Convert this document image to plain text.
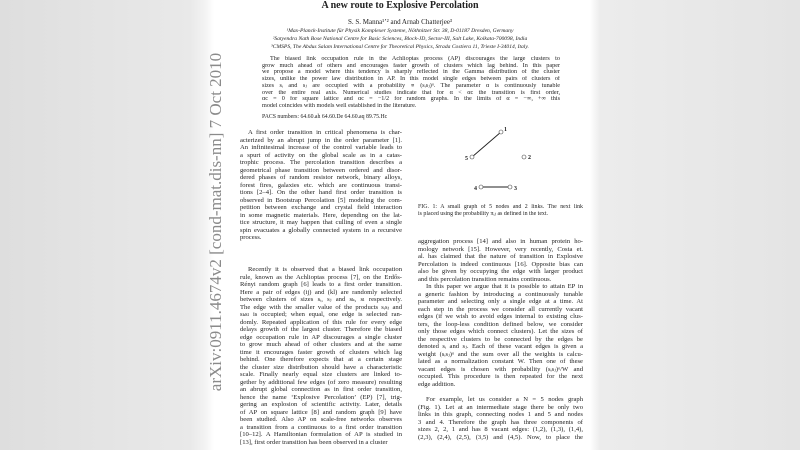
arXiv:0911.4674v2 [cond-mat.dis-nn] 7 Oct 2010
A new route to Explosive Percolation
S. S. Manna¹ʼ² and Arnab Chatterjee³
¹Max-Planck-Institute für Physik Komplexer Systeme, Nöthnitzer Str. 38, D-01187 Dresden, Germany
²Satyendra Nath Bose National Centre for Basic Sciences, Block-JD, Sector-III, Salt Lake, Kolkata-700098, India
³CMSPS, The Abdus Salam International Centre for Theoretical Physics, Strada Costiera 11, Trieste I-34014, Italy.
The biased link occupation rule in the Achlioptas process (AP) discourages the large clusters to
grow much ahead of others and encourages faster growth of clusters which lag behind. In this paper
we propose a model where this tendency is sharply reflected in the Gamma distribution of the cluster
sizes, unlike the power law distribution in AP. In this model single edges between pairs of clusters of
sizes sᵢ and sⱼ are occupied with a probability ∝ (sᵢsⱼ)ᵅ. The parameter α is continuously tunable
over the entire real axis. Numerical studies indicate that for α < αc the transition is first order,
αc = 0 for square lattice and αc = −1/2 for random graphs. In the limits of α = −∞, +∞ this
model coincides with models well established in the literature.
PACS numbers: 64.60.ah 64.60.De 64.60.aq 89.75.Hc
A first order transition in critical phenomena is char-
acterized by an abrupt jump in the order parameter [1].
An infinitesimal increase of the control variable leads to
a spurt of activity on the global scale as in a catas-
trophic process. The percolation transition describes a
geometrical phase transition between ordered and disor-
dered phases of random resistor network, binary alloys,
forest fires, galaxies etc. which are continuous transi-
tions [2–4]. On the other hand first order transition is
observed in Bootstrap Percolation [5] modeling the com-
petition between exchange and crystal field interaction
in some magnetic materials. Here, depending on the lat-
tice structure, it may happen that culling of even a single
spin evacuates a globally connected system in a recursive
process.
Recently it is observed that a biased link occupation
rule, known as the Achlioptas process [7], on the Erdős-
Rényi random graph [6] leads to a first order transition.
Here a pair of edges (ij) and (kl) are randomly selected
between clusters of sizes sᵢ, sⱼ and sₖ, sₗ respectively.
The edge with the smaller value of the products sᵢsⱼ and
sₖsₗ is occupied; when equal, one edge is selected ran-
domly. Repeated application of this rule for every edge
delays growth of the largest cluster. Therefore the biased
edge occupation rule in AP discourages a single cluster
to grow much ahead of other clusters and at the same
time it encourages faster growth of clusters which lag
behind. One therefore expects that at a certain stage
the cluster size distribution should have a characteristic
scale. Finally nearly equal size clusters are linked to-
gether by additional few edges (of zero measure) resulting
an abrupt global connection as in first order transition,
hence the name ‘Explosive Percolation’ (EP) [7], trig-
gering an explosion of scientific activity. Later, details
of AP on square lattice [8] and random graph [9] have
been studied. Also AP on scale-free networks observes
a transition from a continuous to a first order transition
[10–12]. A Hamiltonian formulation of AP is studied in
[13], first order transition has been observed in a cluster
1
2
3
4
5
FIG. 1: A small graph of 5 nodes and 2 links. The next link
is placed using the probability πᵢⱼ as defined in the text.
aggregation process [14] and also in human protein ho-
mology network [15]. However, very recently, Costa et.
al. has claimed that the nature of transition in Explosive
Percolation is indeed continuous [16]. Opposite bias can
also be given by occupying the edge with larger product
and this percolation transition remains continuous.
In this paper we argue that it is possible to attain EP in
a generic fashion by introducing a continuously tunable
parameter and selecting only a single edge at a time. At
each step in the process we consider all currently vacant
edges (if we wish to avoid edges internal to existing clus-
ters, the loop-less condition defined below, we consider
only those edges which connect clusters). Let the sizes of
the respective clusters to be connected by the edges be
denoted sᵢ and sⱼ. Each of these vacant edges is given a
weight (sᵢsⱼ)ᵅ and the sum over all the weights is calcu-
lated as a normalization constant W. Then one of these
vacant edges is chosen with probability (sᵢsⱼ)ᵅ/W and
occupied. This procedure is then repeated for the next
edge addition.
For example, let us consider a N = 5 nodes graph
(Fig. 1). Let at an intermediate stage there be only two
links in this graph, connecting nodes 1 and 5 and nodes
3 and 4. Therefore the graph has three components of
sizes 2, 2, 1 and has 8 vacant edges: (1,2), (1,3), (1,4),
(2,3), (2,4), (2,5), (3,5) and (4,5). Now, to place the
